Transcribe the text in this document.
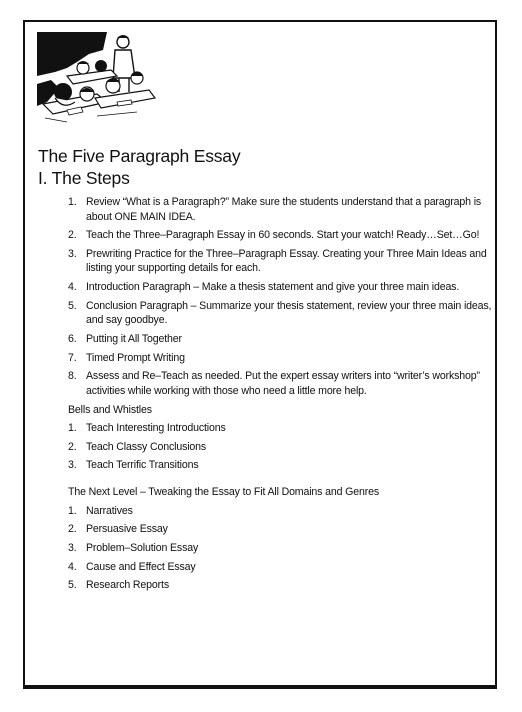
The Five Paragraph Essay
I. The Steps
1. Review “What is a Paragraph?” Make sure the students understand that a paragraph is about ONE MAIN IDEA.
2. Teach the Three–Paragraph Essay in 60 seconds. Start your watch! Ready…Set…Go!
3. Prewriting Practice for the Three–Paragraph Essay. Creating your Three Main Ideas and listing your supporting details for each.
4. Introduction Paragraph – Make a thesis statement and give your three main ideas.
5. Conclusion Paragraph – Summarize your thesis statement, review your three main ideas, and say goodbye.
6. Putting it All Together
7. Timed Prompt Writing
8. Assess and Re–Teach as needed. Put the expert essay writers into “writer’s workshop” activities while working with those who need a little more help.
Bells and Whistles
1. Teach Interesting Introductions
2. Teach Classy Conclusions
3. Teach Terrific Transitions
The Next Level – Tweaking the Essay to Fit All Domains and Genres
1. Narratives
2. Persuasive Essay
3. Problem–Solution Essay
4. Cause and Effect Essay
5. Research Reports
